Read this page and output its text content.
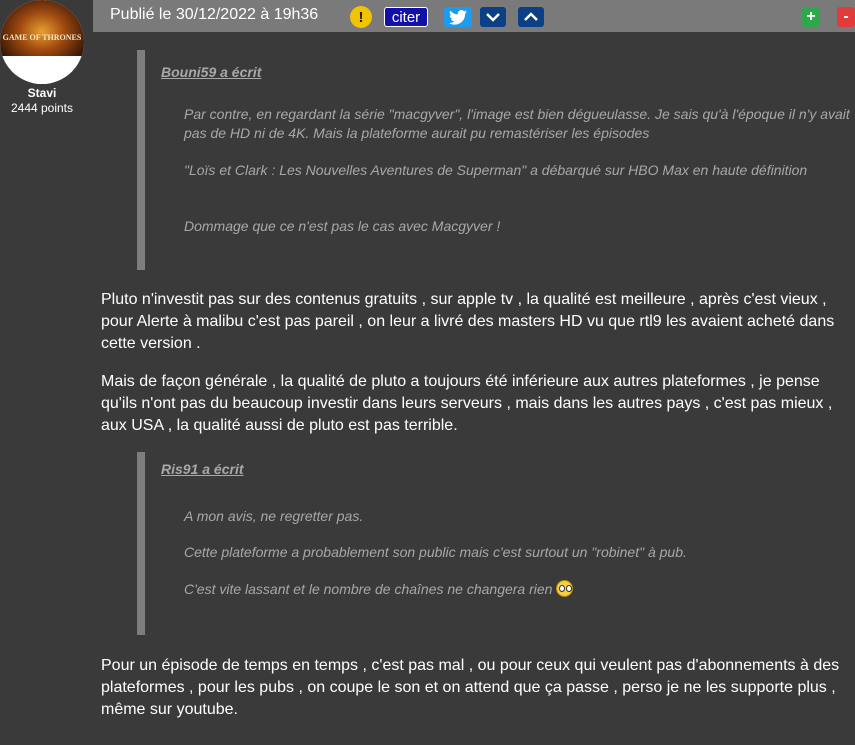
GAME OF THRONES
Stavi
2444 points
Publié le 30/12/2022 à 19h36	!	citer	+	-
Bouni59 a écrit
Par contre, en regardant la série "macgyver", l'image est bien dégueulasse. Je sais qu'à l'époque il n'y avait pas de HD ni de 4K. Mais la plateforme aurait pu remastériser les épisodes
"Loïs et Clark : Les Nouvelles Aventures de Superman" a débarqué sur HBO Max en haute définition
Dommage que ce n'est pas le cas avec Macgyver !
Pluto n'investit pas sur des contenus gratuits , sur apple tv , la qualité est meilleure , après c'est vieux , pour Alerte à malibu c'est pas pareil , on leur a livré des masters HD vu que rtl9 les avaient acheté dans cette version .
Mais de façon générale , la qualité de pluto a toujours été inférieure aux autres plateformes , je pense qu'ils n'ont pas du beaucoup investir dans leurs serveurs , mais dans les autres pays , c'est pas mieux , aux USA , la qualité aussi de pluto est pas terrible.
Ris91 a écrit
A mon avis, ne regretter pas.
Cette plateforme a probablement son public mais c'est surtout un "robinet" à pub.
C'est vite lassant et le nombre de chaînes ne changera rien
Pour un épisode de temps en temps , c'est pas mal , ou pour ceux qui veulent pas d'abonnements à des plateformes , pour les pubs , on coupe le son et on attend que ça passe , perso je ne les supporte plus , même sur youtube.
